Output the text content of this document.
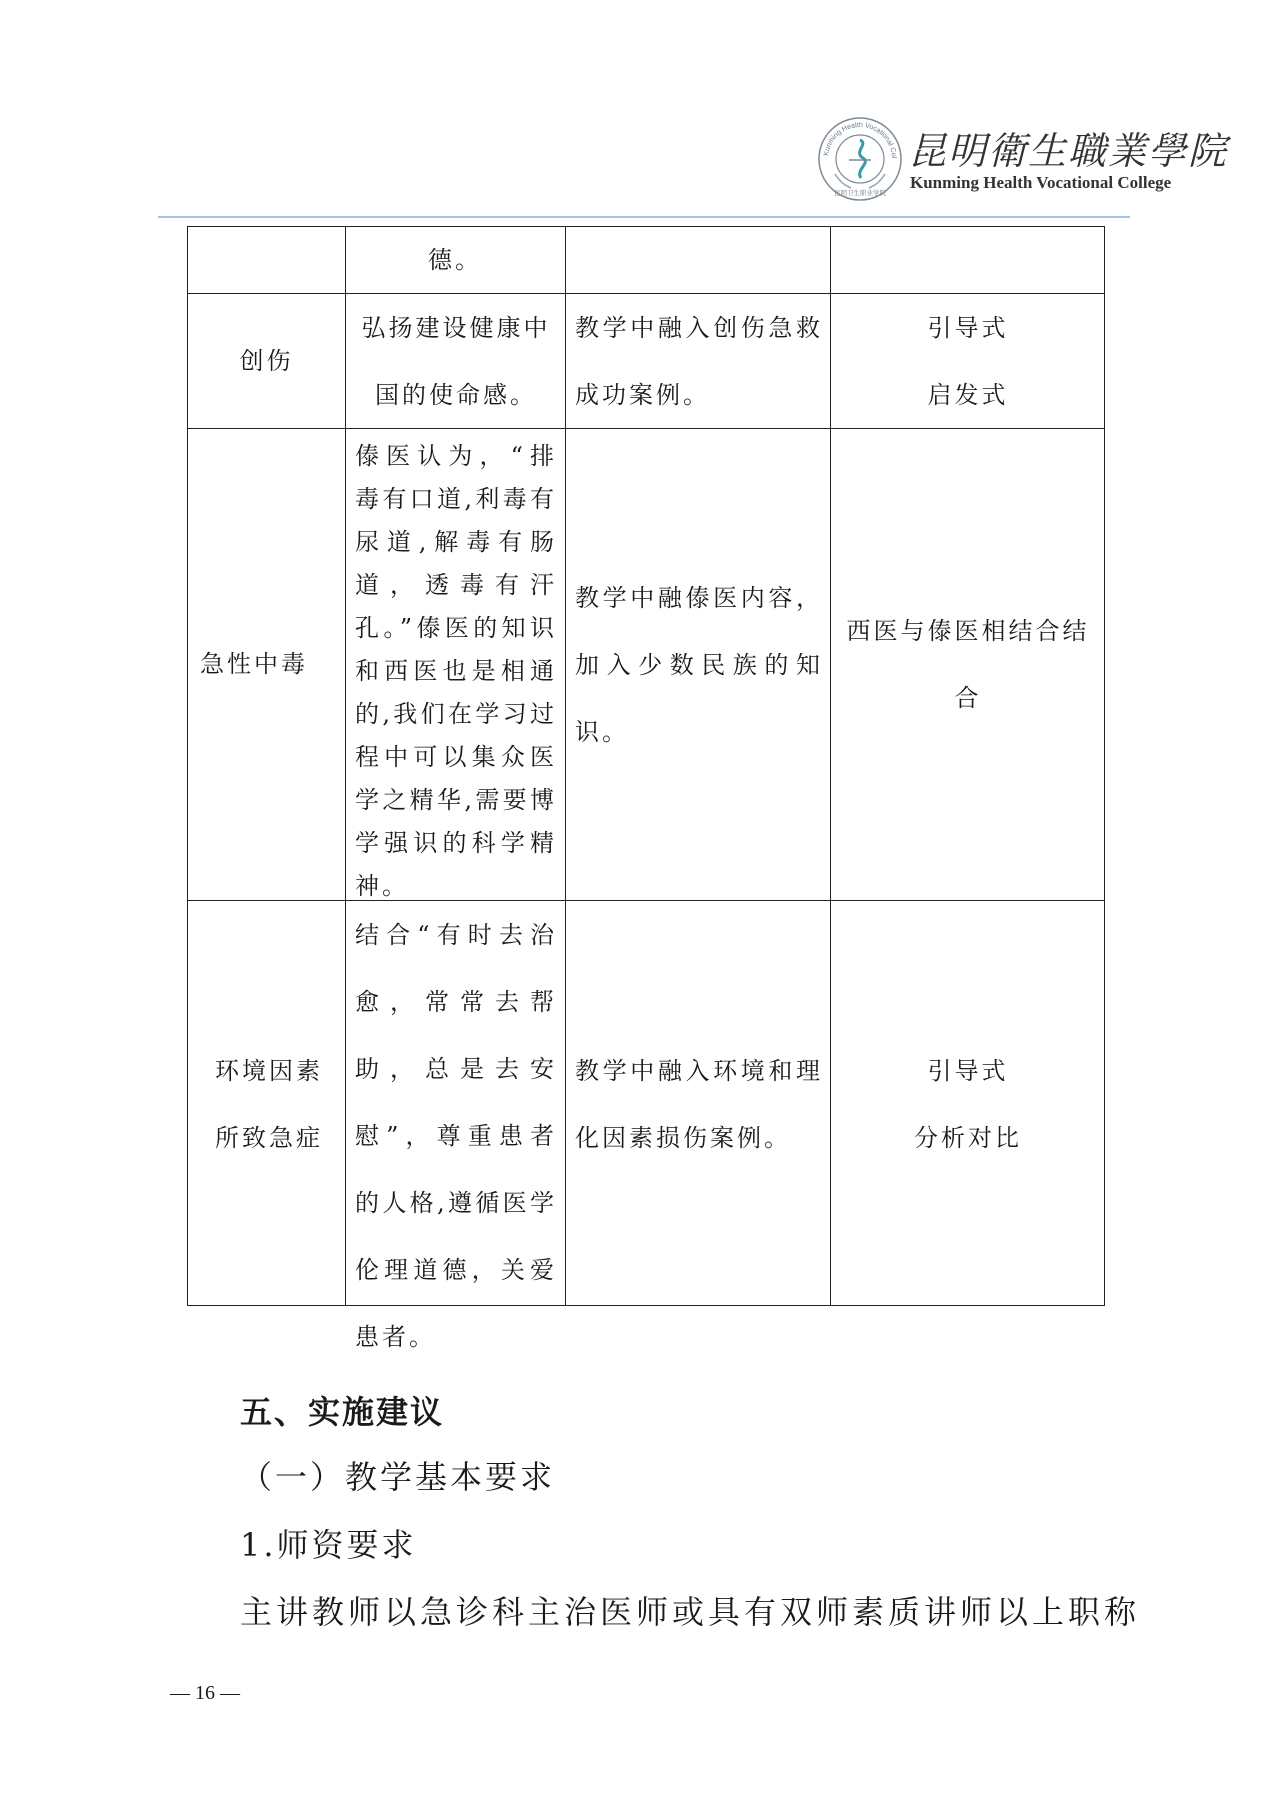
Kunming Health Vocational Col
昆明卫生职业学院
昆明衛生職業學院
Kunming Health Vocational College
德。
创伤
弘扬建设健康中国的使命感。
教学中融入创伤急救成功案例。
引导式
启发式
急性中毒
傣医认为，“排毒有口道,利毒有尿道,解毒有肠道，透毒有汗孔。”傣医的知识和西医也是相通的,我们在学习过程中可以集众医学之精华,需要博学强识的科学精神。
教学中融傣医内容，加入少数民族的知识。
西医与傣医相结合结合
环境因素所致急症
结合“有时去治愈，常常去帮助，总是去安慰”，尊重患者的人格,遵循医学伦理道德，关爱患者。
教学中融入环境和理化因素损伤案例。
引导式
分析对比
五、实施建议
（一）教学基本要求
1.师资要求
主讲教师以急诊科主治医师或具有双师素质讲师以上职称
— 16 —
